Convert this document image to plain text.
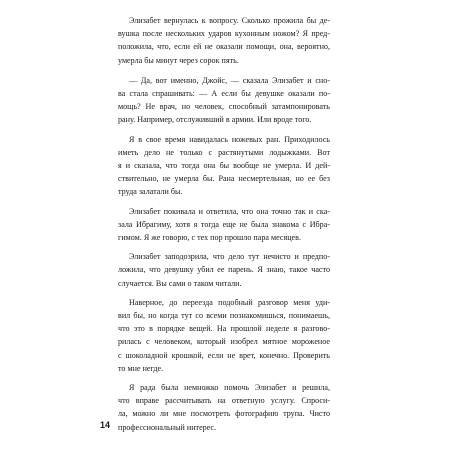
Элизабет вернулась к вопросу. Сколько прожила бы де-
вушка после нескольких ударов кухонным ножом? Я пред-
положила, что, если ей не оказали помощи, она, вероятно,
умерла бы минут через сорок пять.
— Да, вот именно, Джойс, — сказала Элизабет и сно-
ва стала спрашивать: — А если бы девушке оказали по-
мощь? Не врач, но человек, способный затампонировать
рану. Например, отслуживший в армии. Или вроде того.
Я в свое время навидалась ножевых ран. Приходилось
иметь дело не только с растянутыми лодыжками. Вот
я и сказала, что тогда она бы вообще не умерла. И дей-
ствительно, не умерла бы. Рана несмертельная, но ее без
труда залатали бы.
Элизабет покивала и ответила, что она точно так и ска-
зала Ибрагиму, хотя я тогда еще не была знакома с Ибра-
гимом. Я же говорю, с тех пор прошло пара месяцев.
Элизабет заподозрила, что дело тут нечисто и предпо-
ложила, что девушку убил ее парень. Я знаю, такое часто
случается. Вы сами о таком читали.
Наверное, до переезда подобный разговор меня уди-
вил бы, но когда тут со всеми познакомишься, понимаешь,
что это в порядке вещей. На прошлой неделе я разгово-
рилась с человеком, который изобрел мятное мороженое
с шоколадной крошкой, если не врет, конечно. Проверить
то мне негде.
Я рада была немножко помочь Элизабет и решила,
что вправе рассчитывать на ответную услугу. Спроси-
ла, можно ли мне посмотреть фотографию трупа. Чисто
профессиональный интерес.
14
